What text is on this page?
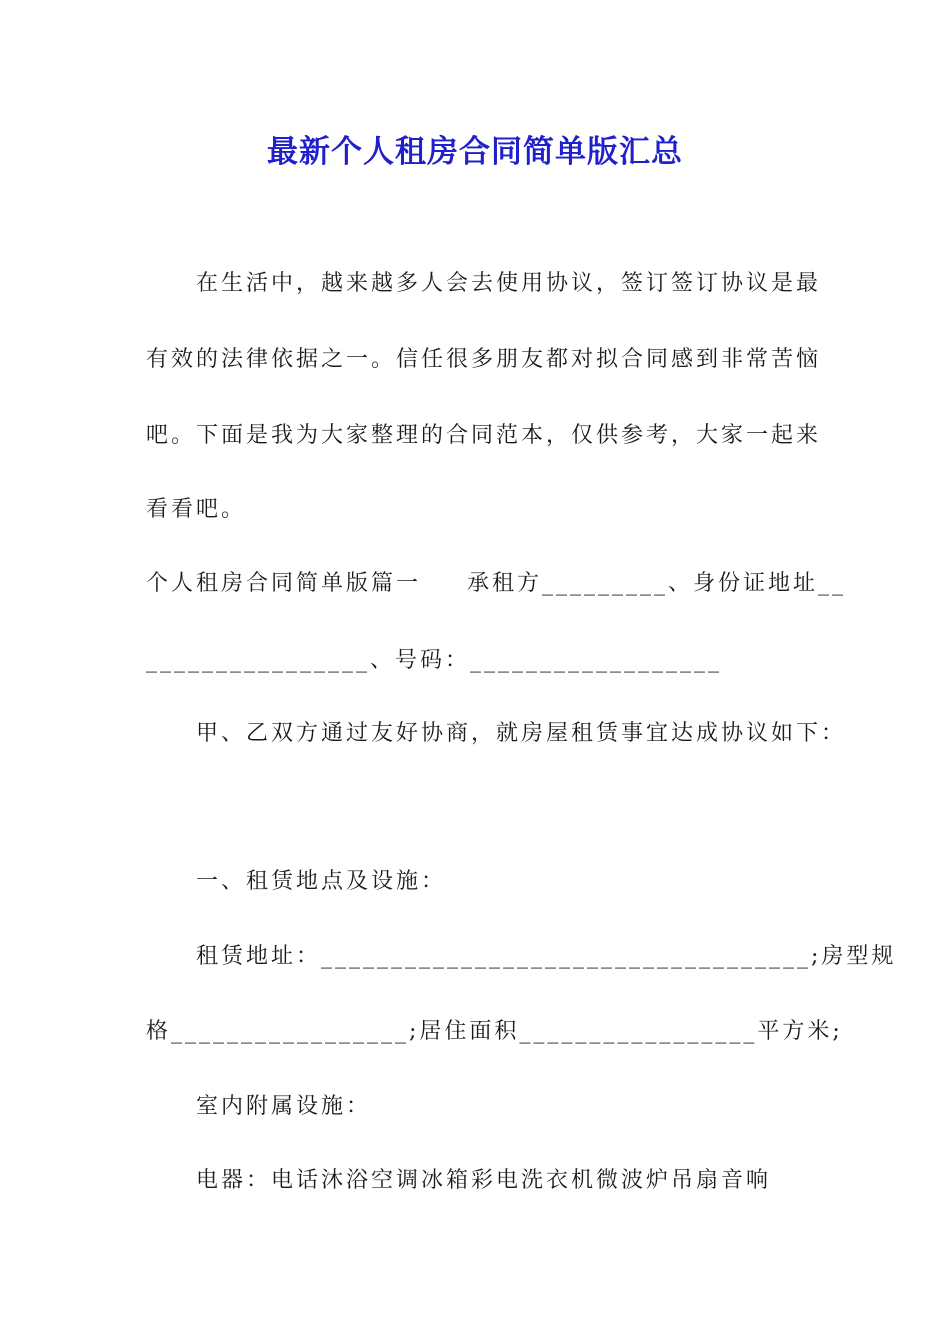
最新个人租房合同简单版汇总
在生活中，越来越多人会去使用协议，签订签订协议是最
有效的法律依据之一。信任很多朋友都对拟合同感到非常苦恼
吧。下面是我为大家整理的合同范本，仅供参考，大家一起来
看看吧。
个人租房合同简单版篇一 承租方_________、身份证地址__
________________、号码：__________________
甲、乙双方通过友好协商，就房屋租赁事宜达成协议如下：
一、租赁地点及设施：
租赁地址：___________________________________;房型规
格_________________;居住面积_________________平方米;
室内附属设施：
电器：电话沐浴空调冰箱彩电洗衣机微波炉吊扇音响
